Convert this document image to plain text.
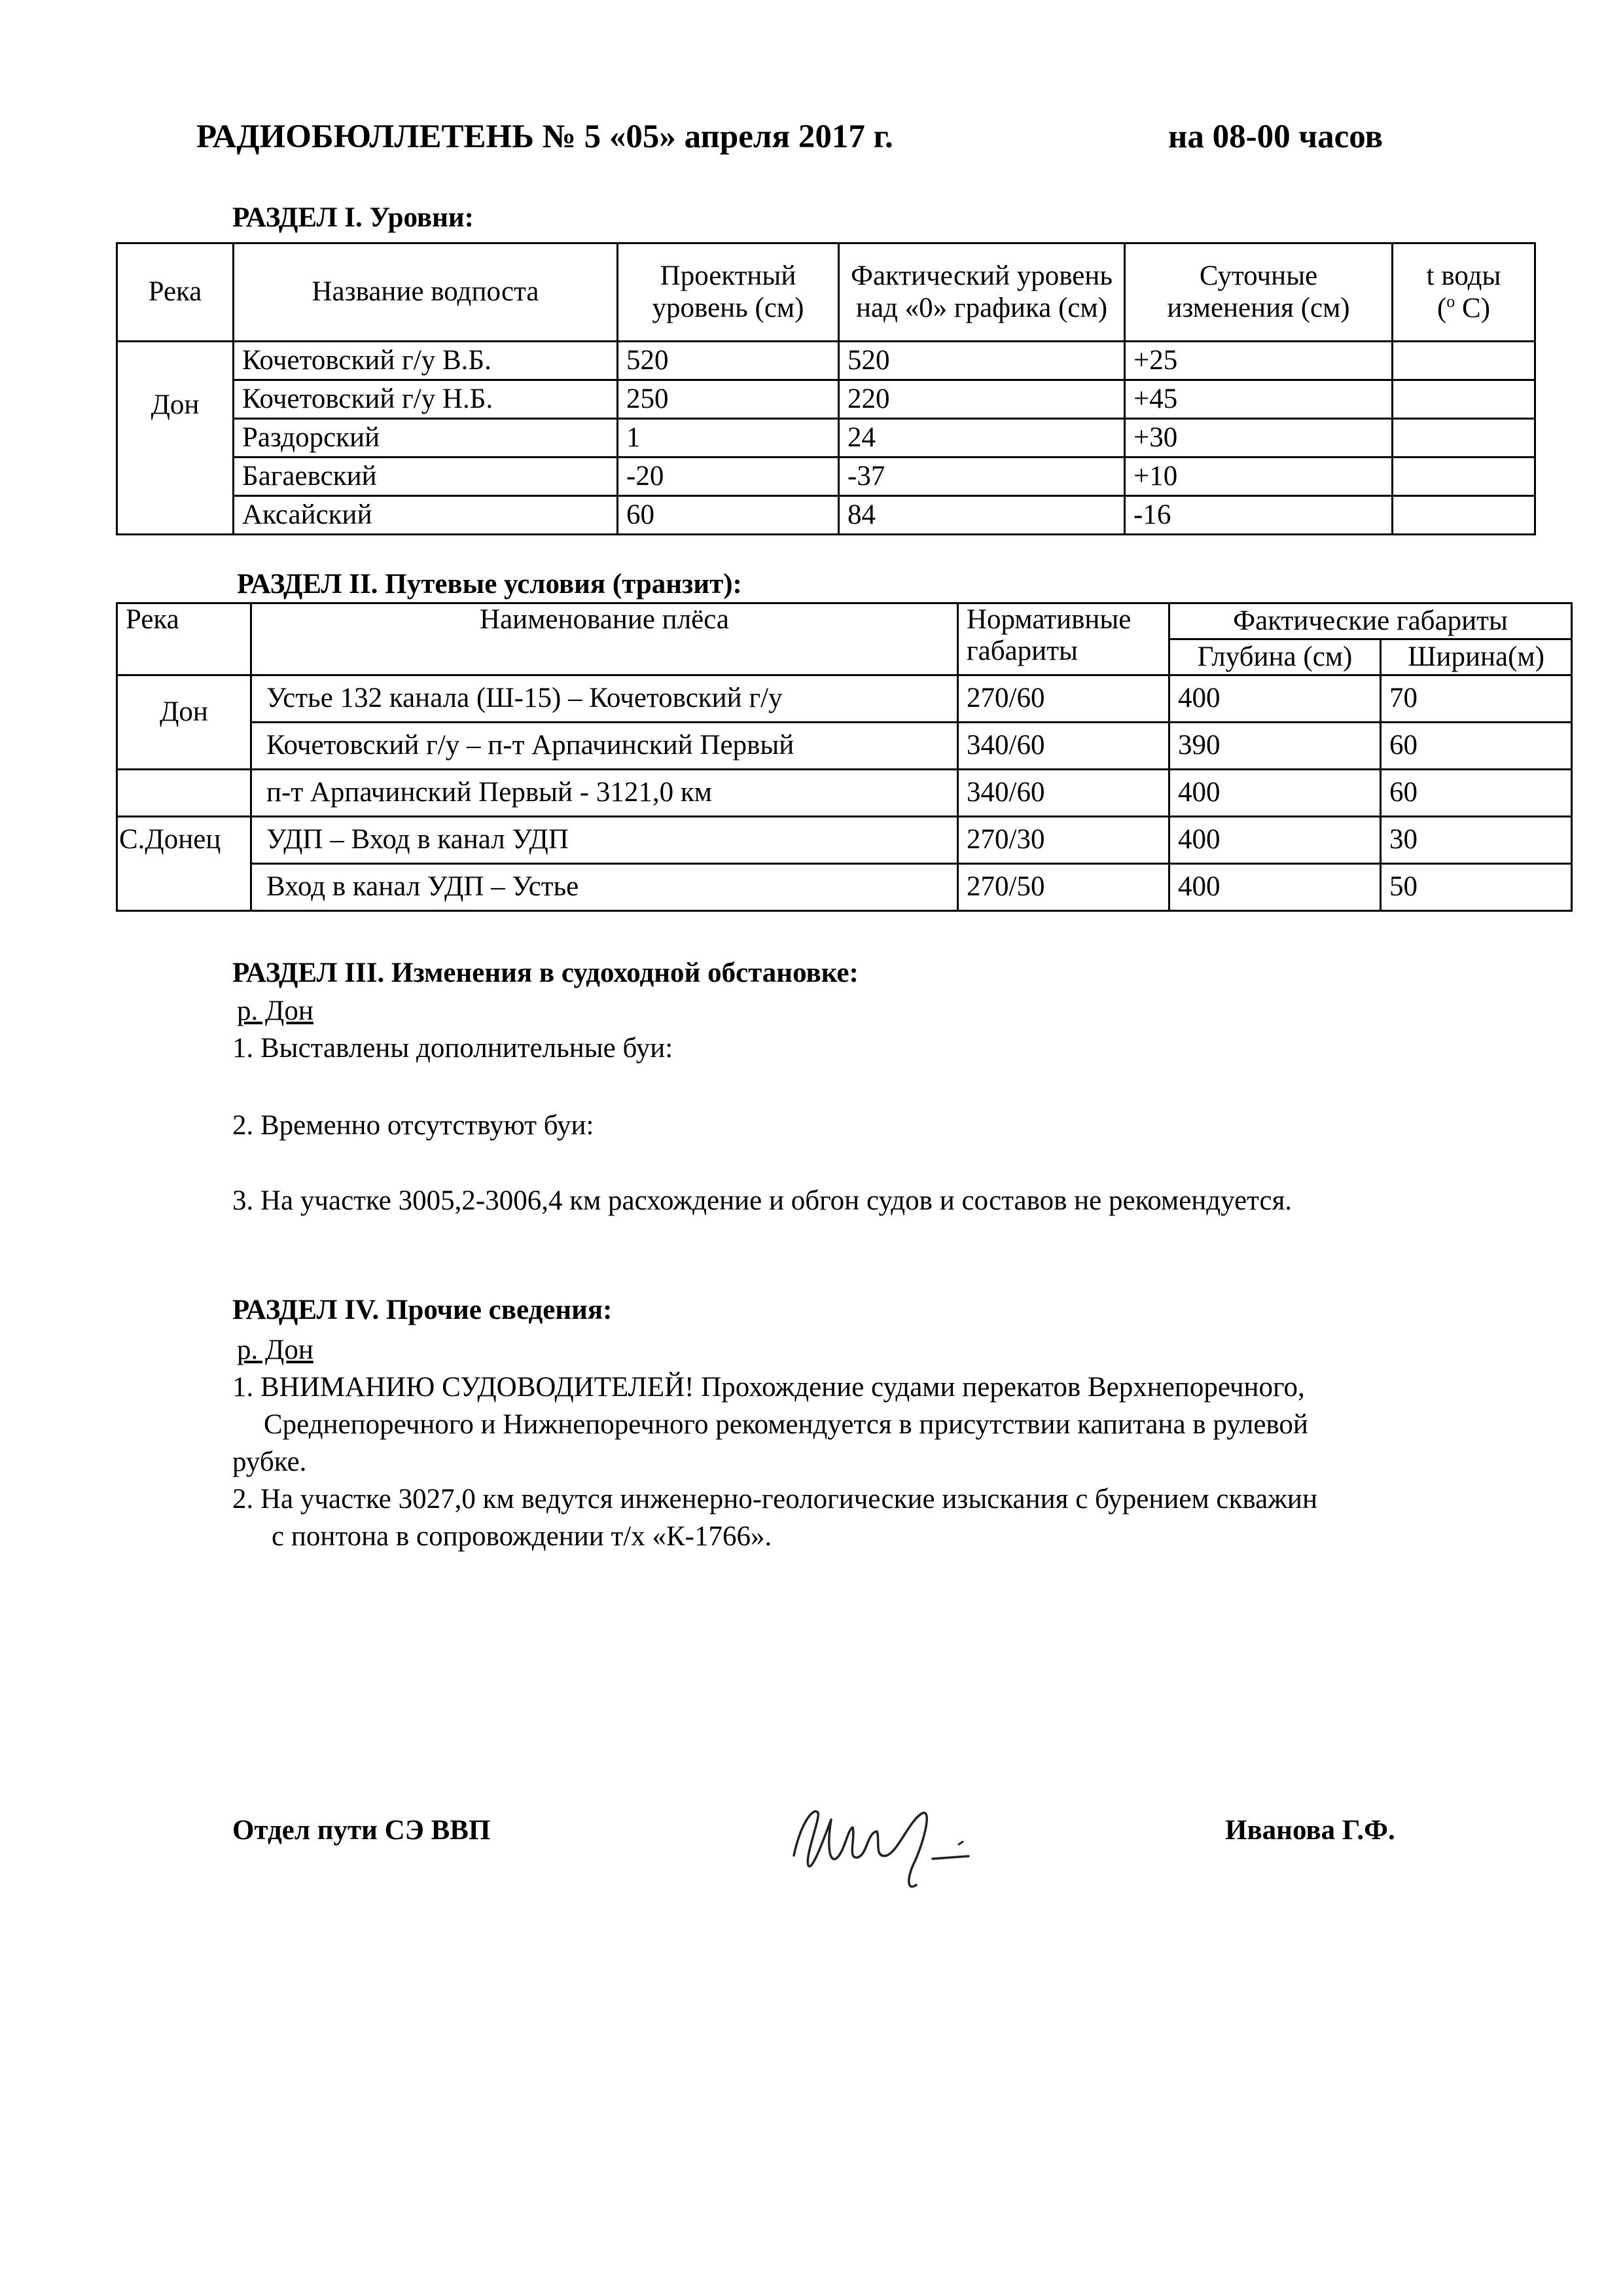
РАДИОБЮЛЛЕТЕНЬ № 5 «05» апреля 2017 г.	на 08-00 часов
РАЗДЕЛ I. Уровни:
Река	Название водпоста	Проектный уровень (см)	Фактический уровень над «0» графика (см)	Суточные изменения (см)	t воды
($^o$ С)
Дон	Кочетовский г/у В.Б.	520	520	+25	
	Кочетовский г/у Н.Б.	250	220	+45	
	Раздорский	1	24	+30	
	Багаевский	-20	-37	+10	
	Аксайский	60	84	-16	
РАЗДЕЛ II. Путевые условия (транзит):
Река	Наименование плёса	Нормативные габариты	Фактические габариты	
			Глубина (см)	Ширина(м)
Дон	Устье 132 канала (Ш-15) – Кочетовский г/у	270/60	400	70
	Кочетовский г/у – п-т Арпачинский Первый	340/60	390	60
	п-т Арпачинский Первый - 3121,0 км	340/60	400	60
С.Донец	УДП – Вход в канал УДП	270/30	400	30
	Вход в канал УДП – Устье	270/50	400	50
РАЗДЕЛ III. Изменения в судоходной обстановке:
р. Дон
1. Выставлены дополнительные буи:
2. Временно отсутствуют буи:
3. На участке 3005,2-3006,4 км расхождение и обгон судов и составов не рекомендуется.
РАЗДЕЛ IV. Прочие сведения:
р. Дон
1. ВНИМАНИЮ СУДОВОДИТЕЛЕЙ! Прохождение судами перекатов Верхнепоречного,
Среднепоречного и Нижнепоречного рекомендуется в присутствии капитана в рулевой
рубке.
2. На участке 3027,0 км ведутся инженерно-геологические изыскания с бурением скважин
с понтона в сопровождении т/х «К-1766».
Отдел пути СЭ ВВП	Иванова Г.Ф.
